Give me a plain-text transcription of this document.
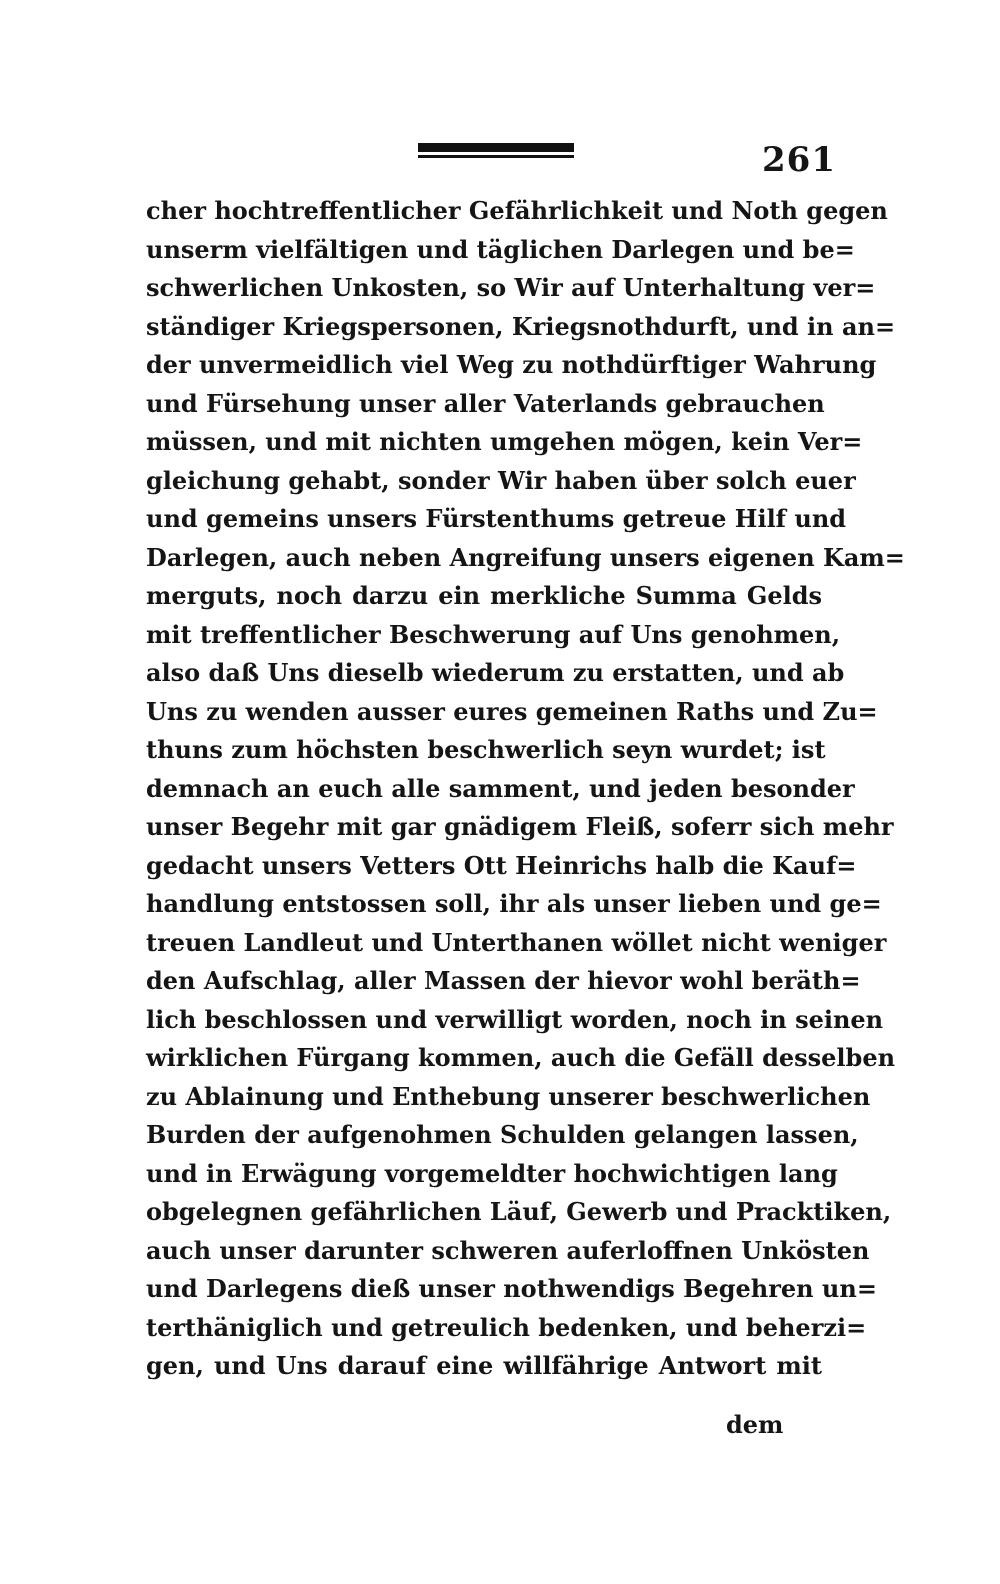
261
cher hochtreffentlicher Gefährlichkeit und Noth gegen
unserm vielfältigen und täglichen Darlegen und be=
schwerlichen Unkosten, so Wir auf Unterhaltung ver=
ständiger Kriegspersonen, Kriegsnothdurft, und in an=
der unvermeidlich viel Weg zu nothdürftiger Wahrung
und Fürsehung unser aller Vaterlands gebrauchen
müssen, und mit nichten umgehen mögen, kein Ver=
gleichung gehabt, sonder Wir haben über solch euer
und gemeins unsers Fürstenthums getreue Hilf und
Darlegen, auch neben Angreifung unsers eigenen Kam=
merguts, noch darzu ein merkliche Summa Gelds
mit treffentlicher Beschwerung auf Uns genohmen,
also daß Uns dieselb wiederum zu erstatten, und ab
Uns zu wenden ausser eures gemeinen Raths und Zu=
thuns zum höchsten beschwerlich seyn wurdet; ist
demnach an euch alle samment, und jeden besonder
unser Begehr mit gar gnädigem Fleiß, soferr sich mehr
gedacht unsers Vetters Ott Heinrichs halb die Kauf=
handlung entstossen soll, ihr als unser lieben und ge=
treuen Landleut und Unterthanen wöllet nicht weniger
den Aufschlag, aller Massen der hievor wohl beräth=
lich beschlossen und verwilligt worden, noch in seinen
wirklichen Fürgang kommen, auch die Gefäll desselben
zu Ablainung und Enthebung unserer beschwerlichen
Burden der aufgenohmen Schulden gelangen lassen,
und in Erwägung vorgemeldter hochwichtigen lang
obgelegnen gefährlichen Läuf, Gewerb und Pracktiken,
auch unser darunter schweren auferloffnen Unkösten
und Darlegens dieß unser nothwendigs Begehren un=
terthäniglich und getreulich bedenken, und beherzi=
gen, und Uns darauf eine willfährige Antwort mit
dem
